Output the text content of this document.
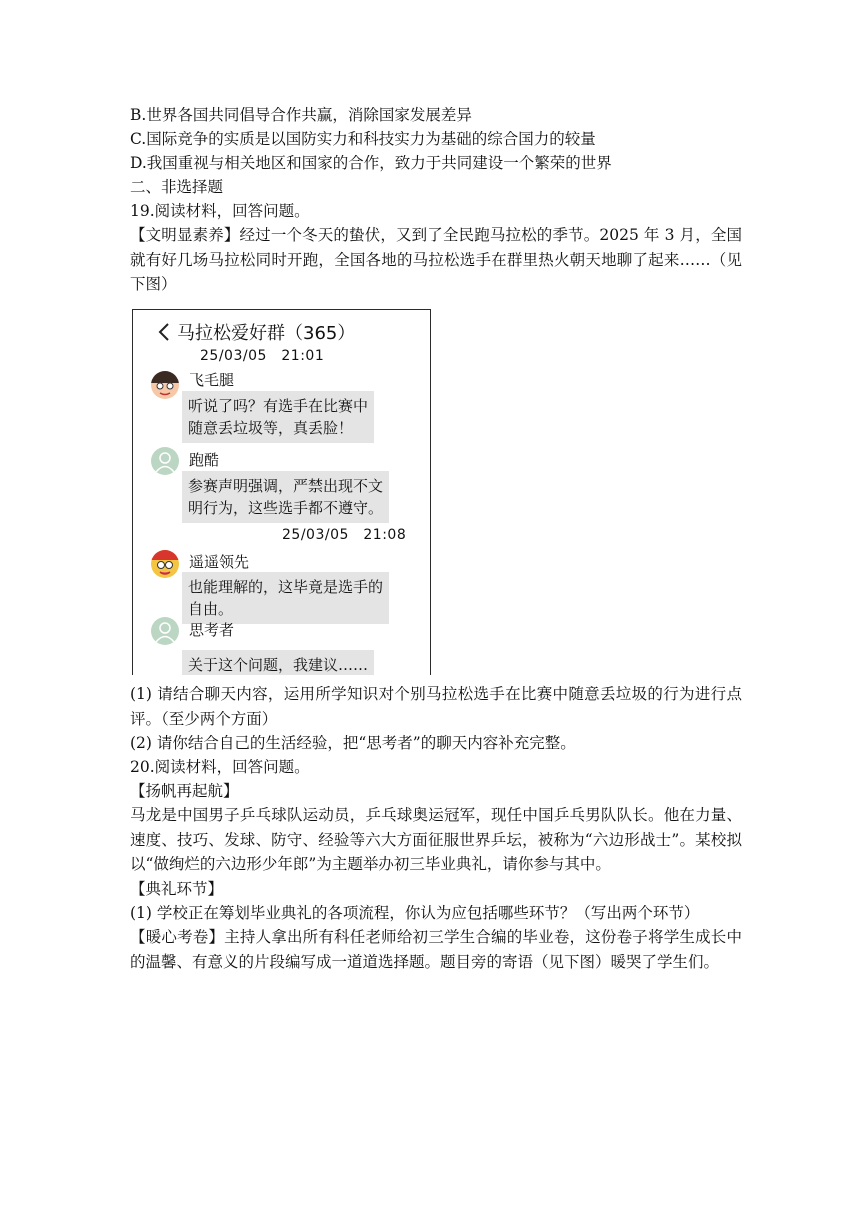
B.世界各国共同倡导合作共赢，消除国家发展差异

C.国际竞争的实质是以国防实力和科技实力为基础的综合国力的较量

D.我国重视与相关地区和国家的合作，致力于共同建设一个繁荣的世界

二、非选择题

19.阅读材料，回答问题。

【文明显素养】经过一个冬天的蛰伏，又到了全民跑马拉松的季节。2025 年 3 月，全国就有好几场马拉松同时开跑，全国各地的马拉松选手在群里热火朝天地聊了起来……（见下图）

马拉松爱好群（365）
25/03/05　21:01
飞毛腿
听说了吗？有选手在比赛中
随意丢垃圾等，真丢脸！
跑酷
参赛声明强调，严禁出现不文
明行为，这些选手都不遵守。
25/03/05　21:08
遥遥领先
也能理解的，这毕竟是选手的
自由。
思考者
关于这个问题，我建议……

(1) 请结合聊天内容，运用所学知识对个别马拉松选手在比赛中随意丢垃圾的行为进行点评。（至少两个方面）

(2) 请你结合自己的生活经验，把“思考者”的聊天内容补充完整。

20.阅读材料，回答问题。

【扬帆再起航】

马龙是中国男子乒乓球队运动员，乒乓球奥运冠军，现任中国乒乓男队队长。他在力量、速度、技巧、发球、防守、经验等六大方面征服世界乒坛，被称为“六边形战士”。某校拟以“做绚烂的六边形少年郎”为主题举办初三毕业典礼，请你参与其中。

【典礼环节】

(1) 学校正在筹划毕业典礼的各项流程，你认为应包括哪些环节？（写出两个环节）

【暖心考卷】主持人拿出所有科任老师给初三学生合编的毕业卷，这份卷子将学生成长中的温馨、有意义的片段编写成一道道选择题。题目旁的寄语（见下图）暖哭了学生们。
